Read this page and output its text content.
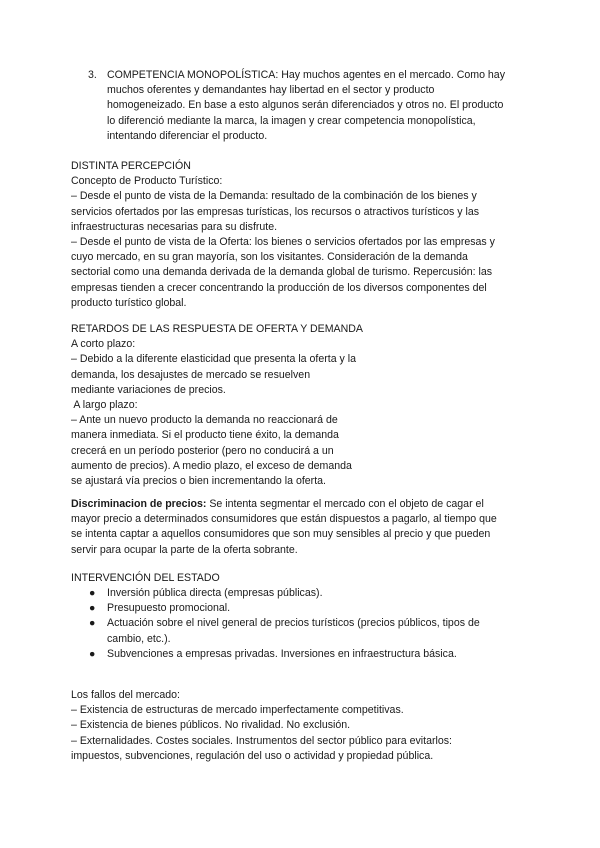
3. COMPETENCIA MONOPOLÍSTICA: Hay muchos agentes en el mercado. Como hay
muchos oferentes y demandantes hay libertad en el sector y producto
homogeneizado. En base a esto algunos serán diferenciados y otros no. El producto
lo diferenció mediante la marca, la imagen y crear competencia monopolística,
intentando diferenciar el producto.
DISTINTA PERCEPCIÓN
Concepto de Producto Turístico:
– Desde el punto de vista de la Demanda: resultado de la combinación de los bienes y
servicios ofertados por las empresas turísticas, los recursos o atractivos turísticos y las
infraestructuras necesarias para su disfrute.
– Desde el punto de vista de la Oferta: los bienes o servicios ofertados por las empresas y
cuyo mercado, en su gran mayoría, son los visitantes. Consideración de la demanda
sectorial como una demanda derivada de la demanda global de turismo. Repercusión: las
empresas tienden a crecer concentrando la producción de los diversos componentes del
producto turístico global.
RETARDOS DE LAS RESPUESTA DE OFERTA Y DEMANDA
A corto plazo:
– Debido a la diferente elasticidad que presenta la oferta y la
demanda, los desajustes de mercado se resuelven
mediante variaciones de precios.
A largo plazo:
– Ante un nuevo producto la demanda no reaccionará de
manera inmediata. Si el producto tiene éxito, la demanda
crecerá en un período posterior (pero no conducirá a un
aumento de precios). A medio plazo, el exceso de demanda
se ajustará vía precios o bien incrementando la oferta.
Discriminacion de precios: Se intenta segmentar el mercado con el objeto de cagar el
mayor precio a determinados consumidores que están dispuestos a pagarlo, al tiempo que
se intenta captar a aquellos consumidores que son muy sensibles al precio y que pueden
servir para ocupar la parte de la oferta sobrante.
INTERVENCIÓN DEL ESTADO
● Inversión pública directa (empresas públicas).
● Presupuesto promocional.
● Actuación sobre el nivel general de precios turísticos (precios públicos, tipos de
cambio, etc.).
● Subvenciones a empresas privadas. Inversiones en infraestructura básica.
Los fallos del mercado:
– Existencia de estructuras de mercado imperfectamente competitivas.
– Existencia de bienes públicos. No rivalidad. No exclusión.
– Externalidades. Costes sociales. Instrumentos del sector público para evitarlos:
impuestos, subvenciones, regulación del uso o actividad y propiedad pública.
